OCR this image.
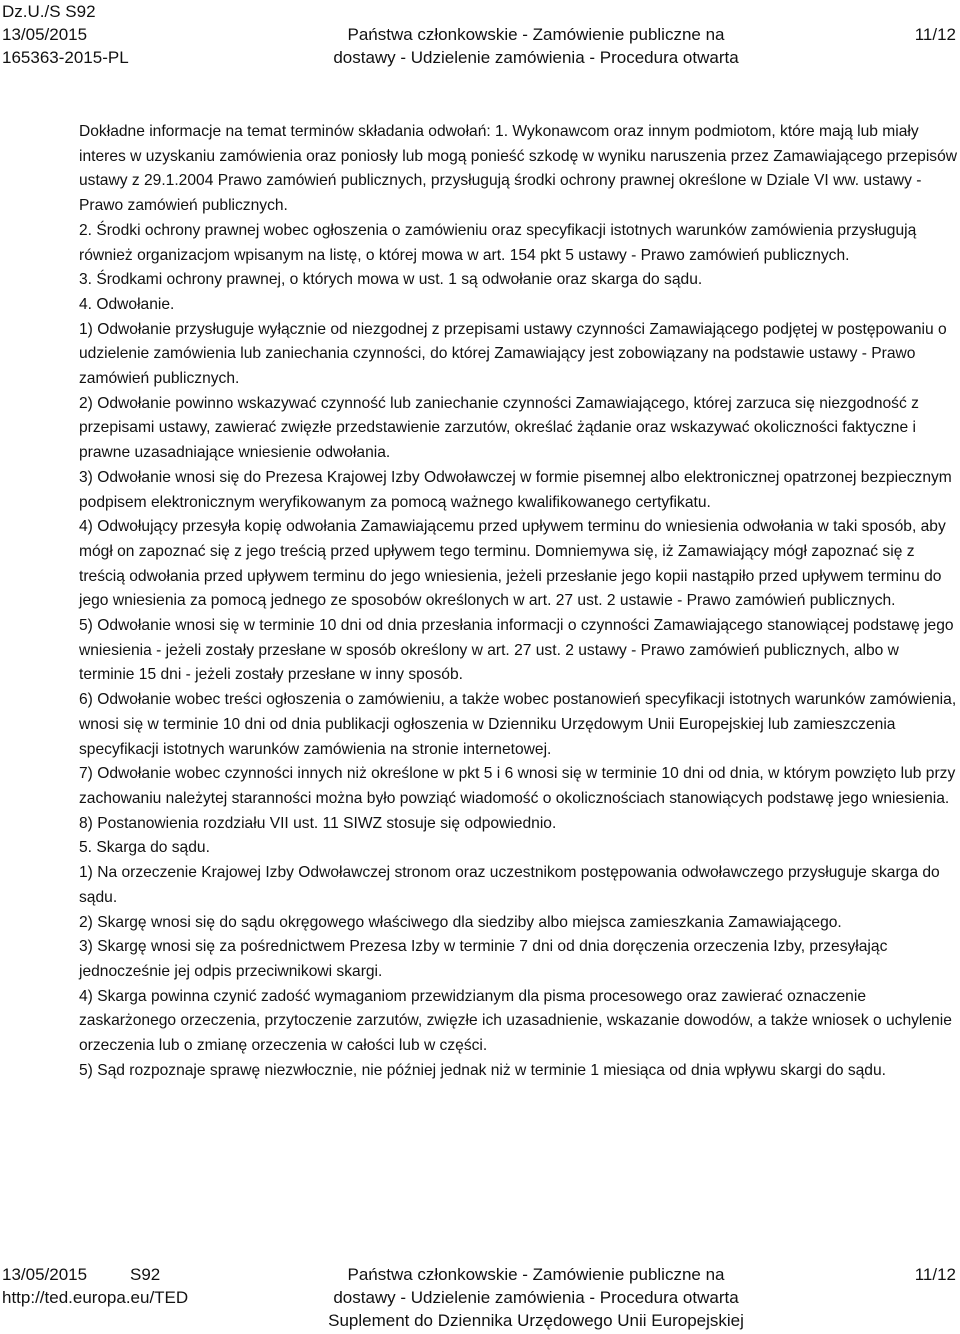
Dz.U./S S92
13/05/2015
165363-2015-PL
Państwa członkowskie - Zamówienie publiczne na
dostawy - Udzielenie zamówienia - Procedura otwarta
11/12

Dokładne informacje na temat terminów składania odwołań: 1. Wykonawcom oraz innym podmiotom, które mają lub miały interes w uzyskaniu zamówienia oraz poniosły lub mogą ponieść szkodę w wyniku naruszenia przez Zamawiającego przepisów ustawy z 29.1.2004 Prawo zamówień publicznych, przysługują środki ochrony prawnej określone w Dziale VI ww. ustawy - Prawo zamówień publicznych.

2. Środki ochrony prawnej wobec ogłoszenia o zamówieniu oraz specyfikacji istotnych warunków zamówienia przysługują również organizacjom wpisanym na listę, o której mowa w art. 154 pkt 5 ustawy - Prawo zamówień publicznych.

3. Środkami ochrony prawnej, o których mowa w ust. 1 są odwołanie oraz skarga do sądu.

4. Odwołanie.

1) Odwołanie przysługuje wyłącznie od niezgodnej z przepisami ustawy czynności Zamawiającego podjętej w postępowaniu o udzielenie zamówienia lub zaniechania czynności, do której Zamawiający jest zobowiązany na podstawie ustawy - Prawo zamówień publicznych.

2) Odwołanie powinno wskazywać czynność lub zaniechanie czynności Zamawiającego, której zarzuca się niezgodność z przepisami ustawy, zawierać zwięzłe przedstawienie zarzutów, określać żądanie oraz wskazywać okoliczności faktyczne i prawne uzasadniające wniesienie odwołania.

3) Odwołanie wnosi się do Prezesa Krajowej Izby Odwoławczej w formie pisemnej albo elektronicznej opatrzonej bezpiecznym podpisem elektronicznym weryfikowanym za pomocą ważnego kwalifikowanego certyfikatu.

4) Odwołujący przesyła kopię odwołania Zamawiającemu przed upływem terminu do wniesienia odwołania w taki sposób, aby mógł on zapoznać się z jego treścią przed upływem tego terminu. Domniemywa się, iż Zamawiający mógł zapoznać się z treścią odwołania przed upływem terminu do jego wniesienia, jeżeli przesłanie jego kopii nastąpiło przed upływem terminu do jego wniesienia za pomocą jednego ze sposobów określonych w art. 27 ust. 2 ustawie - Prawo zamówień publicznych.

5) Odwołanie wnosi się w terminie 10 dni od dnia przesłania informacji o czynności Zamawiającego stanowiącej podstawę jego wniesienia - jeżeli zostały przesłane w sposób określony w art. 27 ust. 2 ustawy - Prawo zamówień publicznych, albo w terminie 15 dni - jeżeli zostały przesłane w inny sposób.

6) Odwołanie wobec treści ogłoszenia o zamówieniu, a także wobec postanowień specyfikacji istotnych warunków zamówienia, wnosi się w terminie 10 dni od dnia publikacji ogłoszenia w Dzienniku Urzędowym Unii Europejskiej lub zamieszczenia specyfikacji istotnych warunków zamówienia na stronie internetowej.

7) Odwołanie wobec czynności innych niż określone w pkt 5 i 6 wnosi się w terminie 10 dni od dnia, w którym powzięto lub przy zachowaniu należytej staranności można było powziąć wiadomość o okolicznościach stanowiących podstawę jego wniesienia.

8) Postanowienia rozdziału VII ust. 11 SIWZ stosuje się odpowiednio.

5. Skarga do sądu.

1) Na orzeczenie Krajowej Izby Odwoławczej stronom oraz uczestnikom postępowania odwoławczego przysługuje skarga do sądu.

2) Skargę wnosi się do sądu okręgowego właściwego dla siedziby albo miejsca zamieszkania Zamawiającego.

3) Skargę wnosi się za pośrednictwem Prezesa Izby w terminie 7 dni od dnia doręczenia orzeczenia Izby, przesyłając jednocześnie jej odpis przeciwnikowi skargi.

4) Skarga powinna czynić zadość wymaganiom przewidzianym dla pisma procesowego oraz zawierać oznaczenie zaskarżonego orzeczenia, przytoczenie zarzutów, zwięzłe ich uzasadnienie, wskazanie dowodów, a także wniosek o uchylenie orzeczenia lub o zmianę orzeczenia w całości lub w części.

5) Sąd rozpoznaje sprawę niezwłocznie, nie później jednak niż w terminie 1 miesiąca od dnia wpływu skargi do sądu.

13/05/2015	S92
http://ted.europa.eu/TED
Państwa członkowskie - Zamówienie publiczne na
dostawy - Udzielenie zamówienia - Procedura otwarta
Suplement do Dziennika Urzędowego Unii Europejskiej
11/12
